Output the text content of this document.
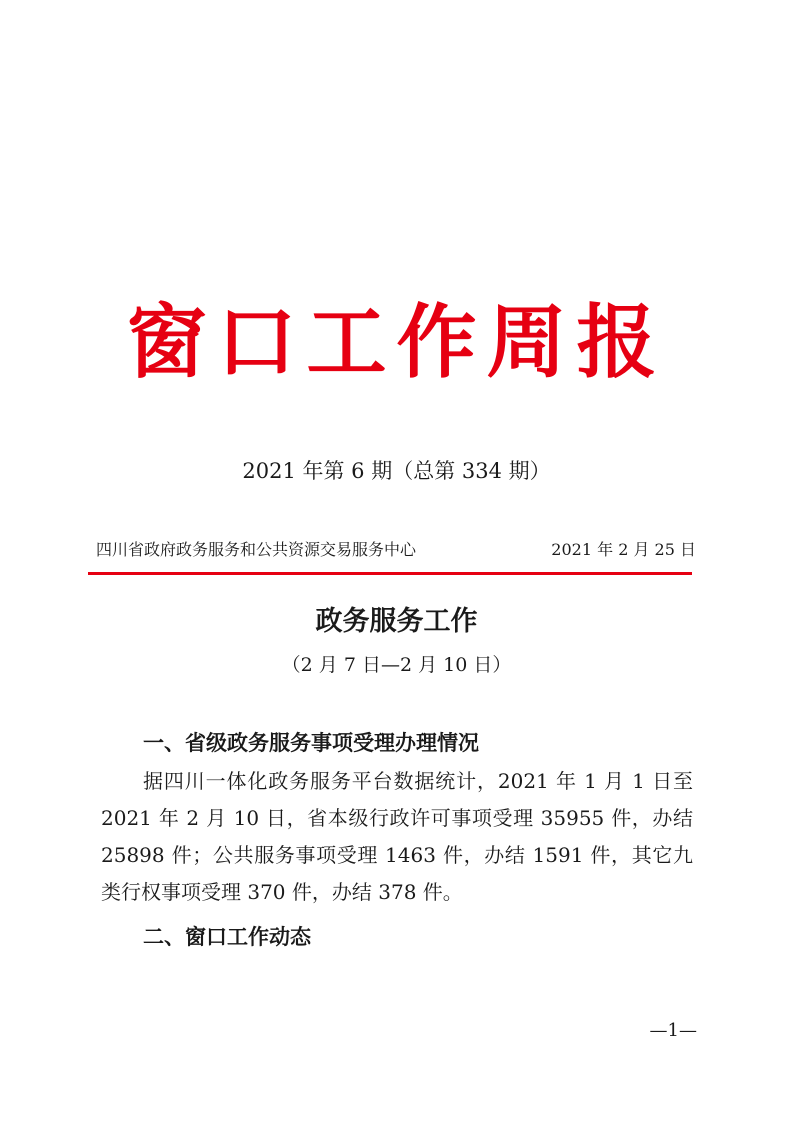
窗口工作周报
2021 年第 6 期（总第 334 期）
四川省政府政务服务和公共资源交易服务中心	2021 年 2 月 25 日
政务服务工作
（2 月 7 日—2 月 10 日）
一、省级政务服务事项受理办理情况

据四川一体化政务服务平台数据统计，2021 年 1 月 1 日至 2021 年 2 月 10 日，省本级行政许可事项受理 35955 件，办结 25898 件；公共服务事项受理 1463 件，办结 1591 件，其它九类行权事项受理 370 件，办结 378 件。

二、窗口工作动态
—1—
